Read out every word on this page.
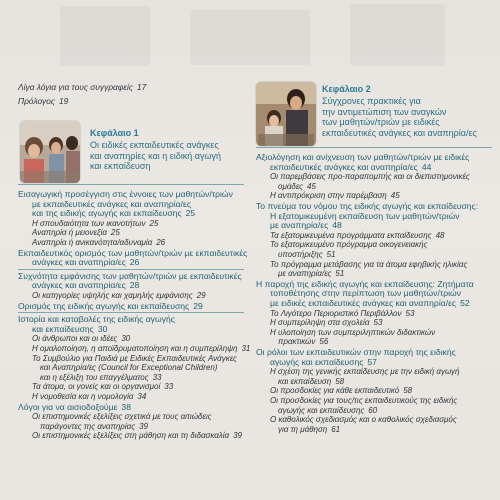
Λίγα λόγια για τους συγγραφείς 17
Πρόλογος 19
Κεφάλαιο 1
Οι ειδικές εκπαιδευτικές ανάγκες
και αναπηρίες και η ειδική αγωγή
και εκπαίδευση
Εισαγωγική προσέγγιση στις έννοιες των μαθητών/τριών
με εκπαιδευτικές ανάγκες και αναπηρία/ες
και της ειδικής αγωγής και εκπαίδευσης 25
Η σπουδαιότητα των ικανοτήτων 25
Αναπηρία ή μειονεξία 25
Αναπηρία ή ανικανότητα/αδυναμία 26
Εκπαιδευτικός ορισμός των μαθητών/τριών με εκπαιδευτικές
ανάγκες και αναπηρία/ες 26
Συχνότητα εμφάνισης των μαθητών/τριών με εκπαιδευτικές
ανάγκες και αναπηρία/ες 28
Οι κατηγορίες υψηλής και χαμηλής εμφάνισης 29
Ορισμός της ειδικής αγωγής και εκπαίδευσης 29
Ιστορία και καταβολές της ειδικής αγωγής
και εκπαίδευσης 30
Οι άνθρωποι και οι ιδέες 30
Η ομαλοποίηση, η αποϊδρυματοποίηση και η συμπερίληψη 31
Το Συμβούλιο για Παιδιά με Ειδικές Εκπαιδευτικές Ανάγκες
και Αναπηρία/ες (Council for Exceptional Children)
και η εξέλιξη του επαγγέλματος 33
Τα άτομα, οι γονείς και οι οργανισμοί 33
Η νομοθεσία και η νομολογία 34
Λόγοι για να αισιοδοξούμε 38
Οι επιστημονικές εξελίξεις σχετικά με τους αιτιώδεις
παράγοντες της αναπηρίας 39
Οι επιστημονικές εξελίξεις στη μάθηση και τη διδασκαλία 39
Κεφάλαιο 2
Σύγχρονες πρακτικές για
την αντιμετώπιση των αναγκών
των μαθητών/τριών με ειδικές
εκπαιδευτικές ανάγκες και αναπηρία/ες
Αξιολόγηση και ανίχνευση των μαθητών/τριών με ειδικές
εκπαιδευτικές ανάγκες και αναπηρία/ες 44
Οι παρεμβάσεις προ-παραπομπής και οι διεπιστημονικές
ομάδες 45
Η αντιπρόκριση στην παρέμβαση 45
Το πνεύμα του νόμου της ειδικής αγωγής και εκπαίδευσης:
Η εξατομικευμένη εκπαίδευση των μαθητών/τριών
με αναπηρία/ες 48
Τα εξατομικευμένα προγράμματα εκπαίδευσης 48
Το εξατομικευμένο πρόγραμμα οικογενειακής
υποστήριξης 51
Το πρόγραμμα μετάβασης για τα άτομα εφηβικής ηλικίας
με αναπηρία/ες 51
Η παροχή της ειδικής αγωγής και εκπαίδευσης: Ζητήματα
τοποθέτησης στην περίπτωση των μαθητών/τριών
με ειδικές εκπαιδευτικές ανάγκες και αναπηρία/ες 52
Το Λιγότερο Περιοριστικό Περιβάλλον 53
Η συμπερίληψη στα σχολεία 53
Η υλοποίηση των συμπεριληπτικών διδακτικών
πρακτικών 56
Οι ρόλοι των εκπαιδευτικών στην παροχή της ειδικής
αγωγής και εκπαίδευσης 57
Η σχέση της γενικής εκπαίδευσης με την ειδική αγωγή
και εκπαίδευση 58
Οι προσδοκίες για κάθε εκπαιδευτικό 58
Οι προσδοκίες για τους/τις εκπαιδευτικούς της ειδικής
αγωγής και εκπαίδευσης 60
Ο καθολικός σχεδιασμός και ο καθολικός σχεδιασμός
για τη μάθηση 61
